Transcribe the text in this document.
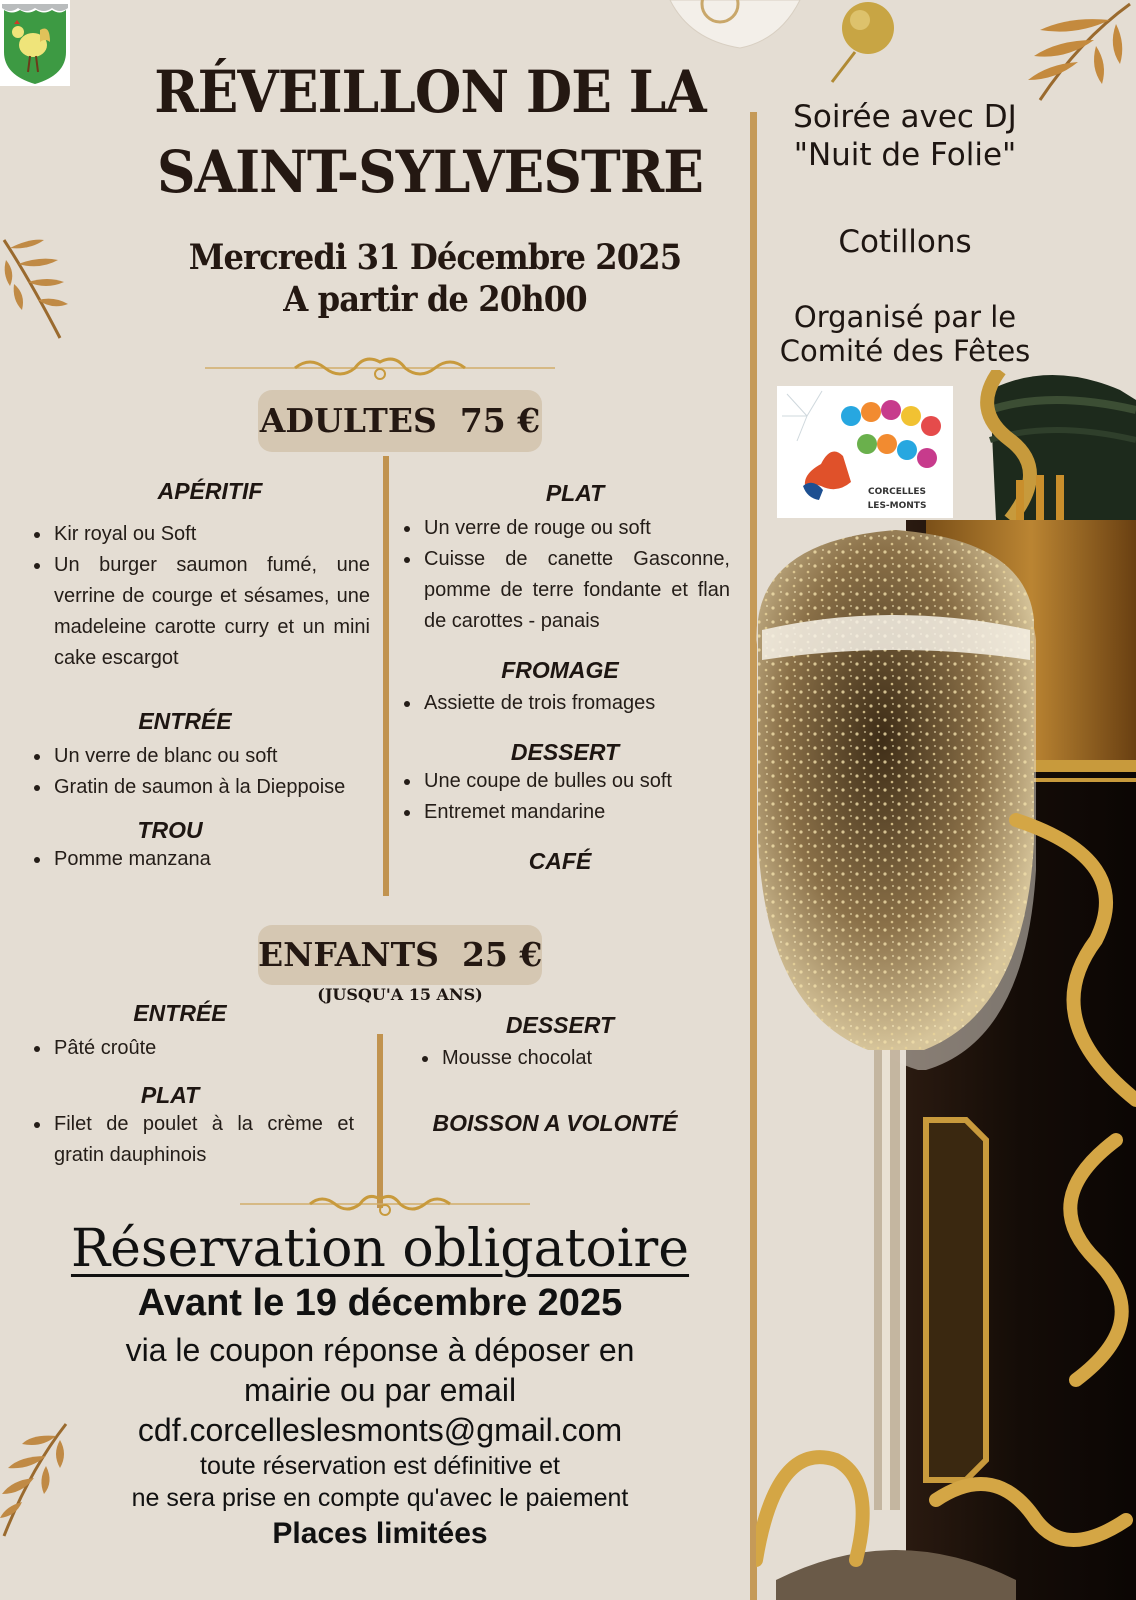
RÉVEILLON DE LA
SAINT-SYLVESTRE
Mercredi 31 Décembre 2025
A partir de 20h00
ADULTES  75 €
APÉRITIF
• Kir royal ou Soft
• Un burger saumon fumé, une verrine de courge et sésames, une madeleine carotte curry et un mini cake escargot
ENTRÉE
• Un verre de blanc ou soft
• Gratin de saumon à la Dieppoise
TROU
• Pomme manzana
PLAT
• Un verre de rouge ou soft
• Cuisse de canette Gasconne, pomme de terre fondante et flan de carottes - panais
FROMAGE
• Assiette de trois fromages
DESSERT
• Une coupe de bulles ou soft
• Entremet mandarine
CAFÉ
ENFANTS  25 €
(JUSQU'A 15 ANS)
ENTRÉE
• Pâté croûte
PLAT
• Filet de poulet à la crème et gratin dauphinois
DESSERT
• Mousse chocolat
BOISSON A VOLONTÉ
Réservation obligatoire
Avant le 19 décembre 2025
via le coupon réponse à déposer en
mairie ou par email
cdf.corcelleslesmonts@gmail.com
toute réservation est définitive et
ne sera prise en compte qu'avec le paiement
Places limitées
Soirée avec DJ
"Nuit de Folie"
Cotillons
Organisé par le
Comité des Fêtes
CORCELLES
LES-MONTS
